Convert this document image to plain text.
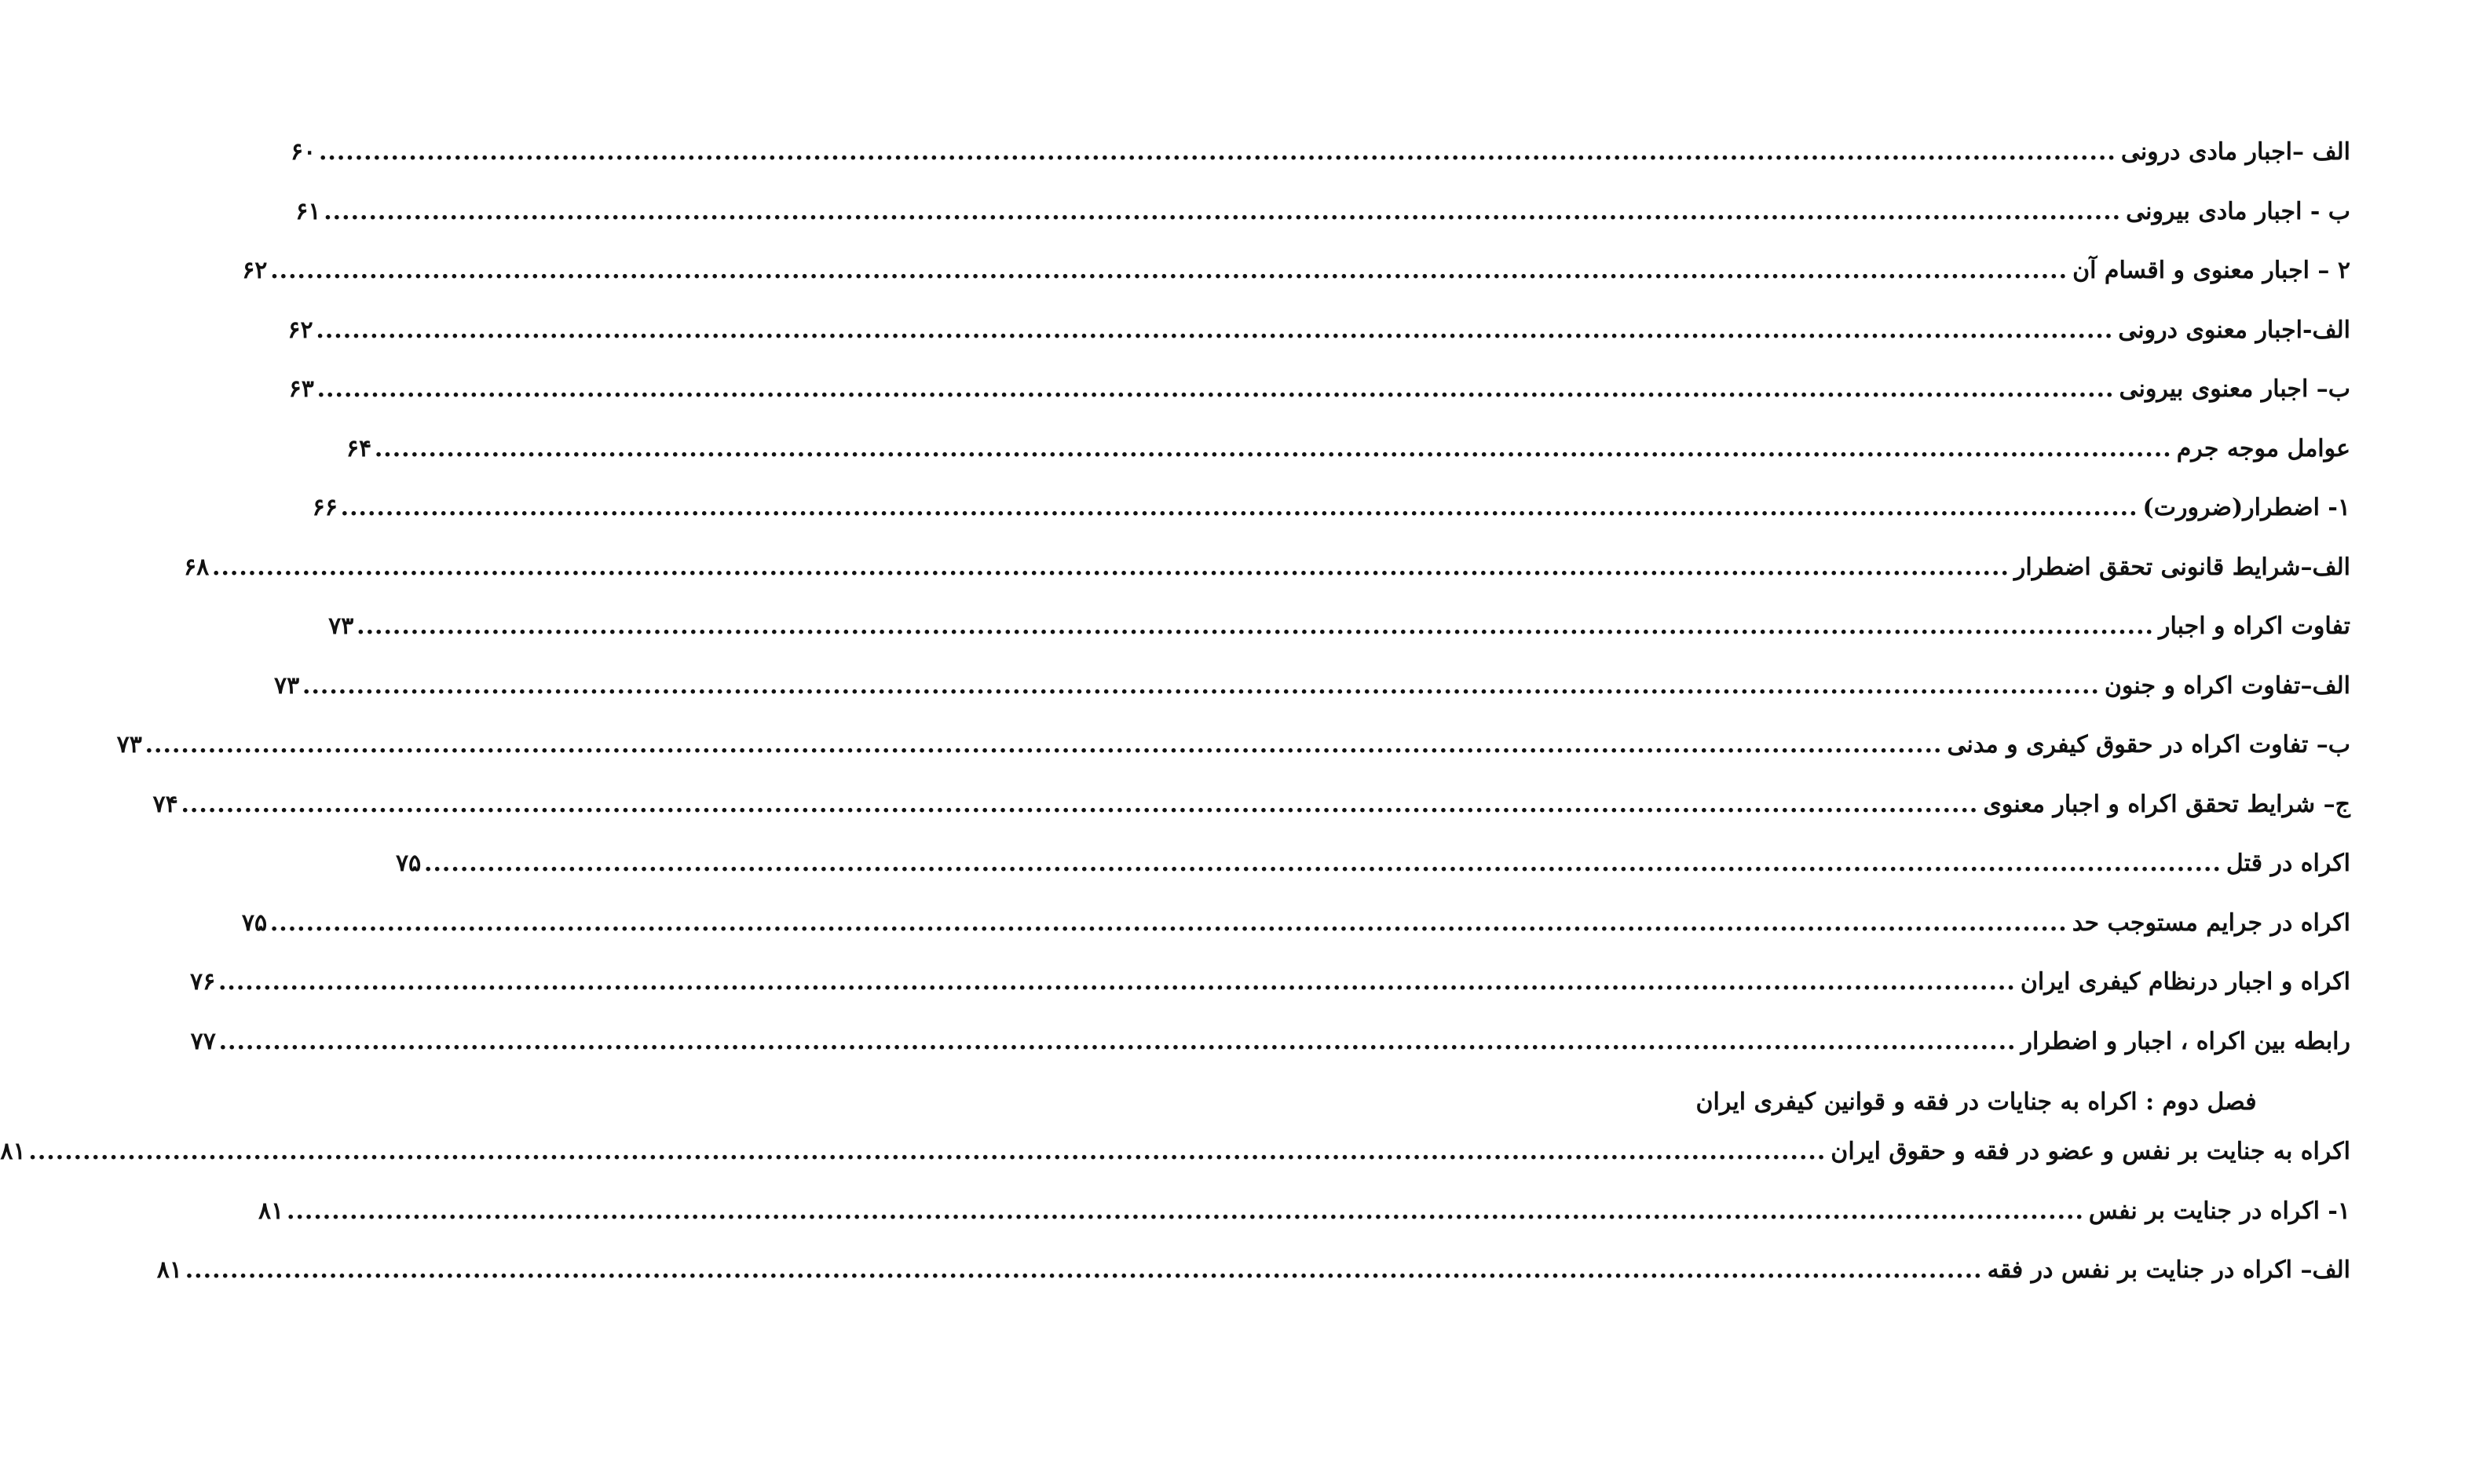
الف –اجبار مادی درونی
........................................................................................................................................................................................................
۶۰
ب - اجبار مادی بیرونی
........................................................................................................................................................................................................
۶۱
۲ – اجبار معنوی و اقسام آن
........................................................................................................................................................................................................
۶۲
الف-اجبار معنوی درونی
........................................................................................................................................................................................................
۶۲
ب– اجبار معنوی بیرونی
........................................................................................................................................................................................................
۶۳
عوامل موجه جرم
........................................................................................................................................................................................................
۶۴
۱- اضطرار(ضرورت)
........................................................................................................................................................................................................
۶۶
الف–شرایط قانونی تحقق اضطرار
........................................................................................................................................................................................................
۶۸
تفاوت اکراه و اجبار
........................................................................................................................................................................................................
۷۳
الف–تفاوت اکراه و جنون
........................................................................................................................................................................................................
۷۳
ب– تفاوت اکراه در حقوق کیفری و مدنی
........................................................................................................................................................................................................
۷۳
ج– شرایط تحقق اکراه و اجبار معنوی
........................................................................................................................................................................................................
۷۴
اکراه در قتل
........................................................................................................................................................................................................
۷۵
اکراه در جرایم مستوجب حد
........................................................................................................................................................................................................
۷۵
اکراه و اجبار درنظام کیفری ایران
........................................................................................................................................................................................................
۷۶
رابطه بین اکراه ، اجبار و اضطرار
........................................................................................................................................................................................................
۷۷
فصل دوم : اکراه به جنایات در فقه و قوانین کیفری ایران
اکراه به جنایت بر نفس و عضو در فقه و حقوق ایران
........................................................................................................................................................................................................
۸۱
۱- اکراه در جنایت بر نفس
........................................................................................................................................................................................................
۸۱
الف– اکراه در جنایت بر نفس در فقه
........................................................................................................................................................................................................
۸۱
